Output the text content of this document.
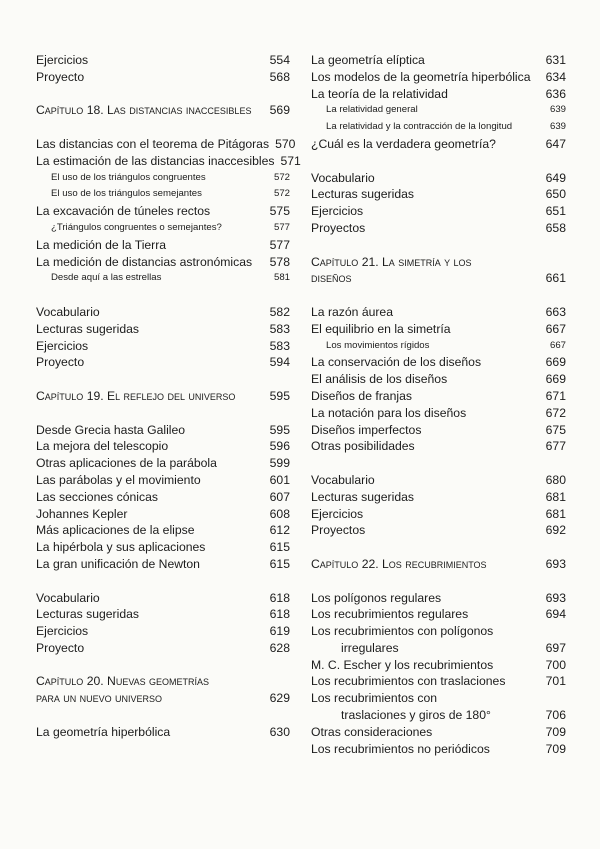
Ejercicios	554
Proyecto	568
Capítulo 18. Las distancias inaccesibles	569
Las distancias con el teorema de Pitágoras 570
La estimación de las distancias inaccesibles 571
El uso de los triángulos congruentes	572
El uso de los triángulos semejantes	572
La excavación de túneles rectos	575
¿Triángulos congruentes o semejantes?	577
La medición de la Tierra	577
La medición de distancias astronómicas	578
Desde aquí a las estrellas	581
Vocabulario	582
Lecturas sugeridas	583
Ejercicios	583
Proyecto	594
Capítulo 19. El reflejo del universo	595
Desde Grecia hasta Galileo	595
La mejora del telescopio	596
Otras aplicaciones de la parábola	599
Las parábolas y el movimiento	601
Las secciones cónicas	607
Johannes Kepler	608
Más aplicaciones de la elipse	612
La hipérbola y sus aplicaciones	615
La gran unificación de Newton	615
Vocabulario	618
Lecturas sugeridas	618
Ejercicios	619
Proyecto	628
Capítulo 20. Nuevas geometrías
para un nuevo universo	629
La geometría hiperbólica	630
La geometría elíptica	631
Los modelos de la geometría hiperbólica	634
La teoría de la relatividad	636
La relatividad general	639
La relatividad y la contracción de la longitud	639
¿Cuál es la verdadera geometría?	647
Vocabulario	649
Lecturas sugeridas	650
Ejercicios	651
Proyectos	658
Capítulo 21. La simetría y los
diseños	661
La razón áurea	663
El equilibrio en la simetría	667
Los movimientos rígidos	667
La conservación de los diseños	669
El análisis de los diseños	669
Diseños de franjas	671
La notación para los diseños	672
Diseños imperfectos	675
Otras posibilidades	677
Vocabulario	680
Lecturas sugeridas	681
Ejercicios	681
Proyectos	692
Capítulo 22. Los recubrimientos	693
Los polígonos regulares	693
Los recubrimientos regulares	694
Los recubrimientos con polígonos
irregulares	697
M. C. Escher y los recubrimientos	700
Los recubrimientos con traslaciones	701
Los recubrimientos con
traslaciones y giros de 180°	706
Otras consideraciones	709
Los recubrimientos no periódicos	709
